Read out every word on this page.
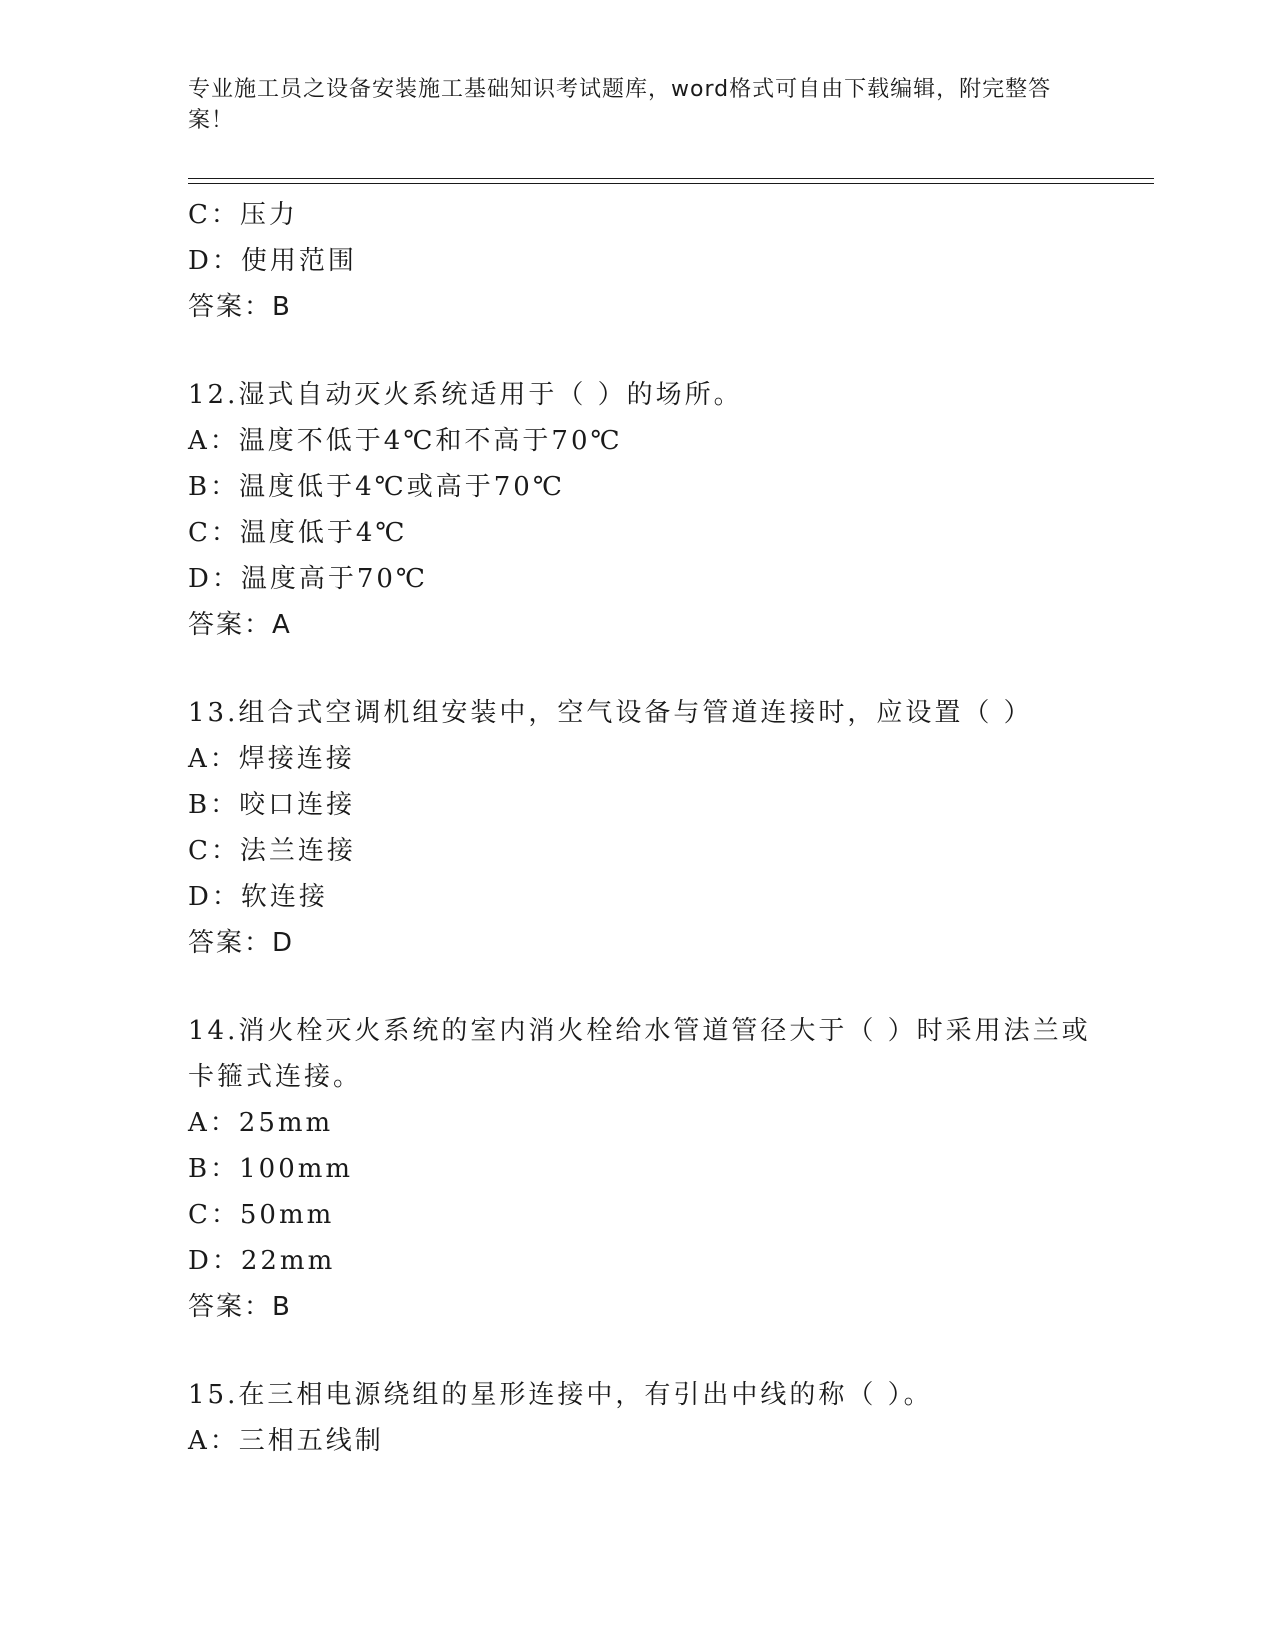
专业施工员之设备安装施工基础知识考试题库，word格式可自由下载编辑，附完整答案！
C：压力
D：使用范围
答案：B
12.湿式自动灭火系统适用于（ ）的场所。
A：温度不低于4℃和不高于70℃
B：温度低于4℃或高于70℃
C：温度低于4℃
D：温度高于70℃
答案：A
13.组合式空调机组安装中，空气设备与管道连接时，应设置（ ）
A：焊接连接
B：咬口连接
C：法兰连接
D：软连接
答案：D
14.消火栓灭火系统的室内消火栓给水管道管径大于（ ）时采用法兰或卡箍式连接。
A：25mm
B：100mm
C：50mm
D：22mm
答案：B
15.在三相电源绕组的星形连接中，有引出中线的称（ ）。
A：三相五线制
